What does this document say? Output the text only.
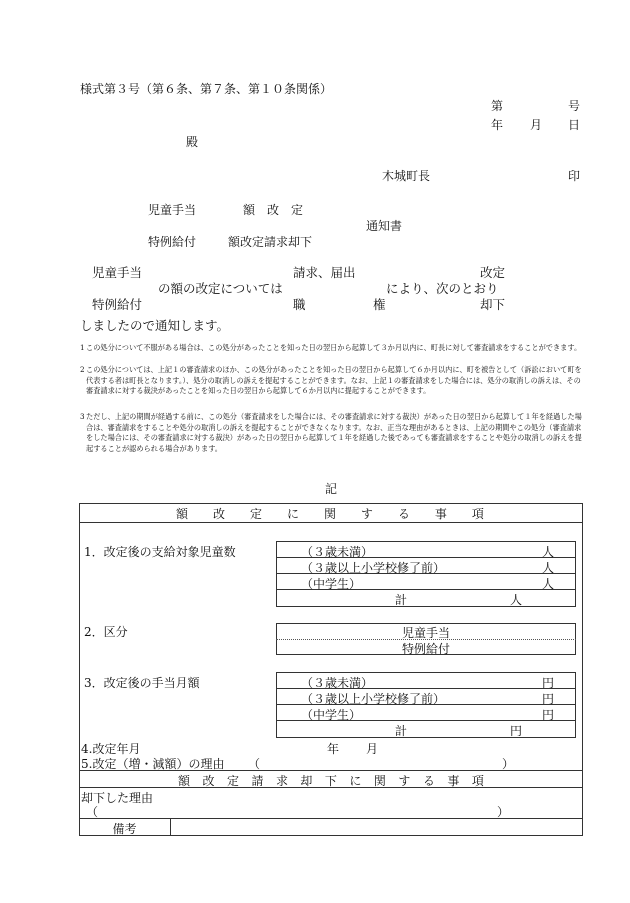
様式第３号（第６条、第７条、第１０条関係）
第	号
年 月 日
殿
木城町長	印
児童手当	額　改　定
通知書
特例給付	額改定請求却下
児童手当	請求、届出	改定
の額の改定については	により、次のとおり
特例給付	職	権	却下
しましたので通知します。
1 この処分について不服がある場合は、この処分があったことを知った日の翌日から起算して３か月以内に、町長に対して審査請求をすることができます。
2 この処分については、上記１の審査請求のほか、この処分があったことを知った日の翌日から起算して６か月以内に、町を被告として（訴訟において町を代表する者は町長となります。）、処分の取消しの訴えを提起することができます。なお、上記１の審査請求をした場合には、処分の取消しの訴えは、その審査請求に対する裁決があったことを知った日の翌日から起算して６か月以内に提起することができます。
3 ただし、上記の期間が経過する前に、この処分（審査請求をした場合には、その審査請求に対する裁決）があった日の翌日から起算して１年を経過した場合は、審査請求をすることや処分の取消しの訴えを提起することができなくなります。なお、正当な理由があるときは、上記の期間やこの処分（審査請求をした場合には、その審査請求に対する裁決）があった日の翌日から起算して１年を経過した後であっても審査請求をすることや処分の取消しの訴えを提起することが認められる場合があります。
記
額 改 定 に 関 す る 事 項
1．改定後の支給対象児童数	（３歳未満）	人
（３歳以上小学校修了前）	人
（中学生）	人
計	人
2．区分	児童手当
特例給付
3．改定後の手当月額	（３歳未満）	円
（３歳以上小学校修了前）	円
（中学生）	円
計	円
4.改定年月	年 月
5.改定（増・減額）の理由 （	）
額 改 定 請 求 却 下 に 関 す る 事 項
却下した理由
（	）
備考
